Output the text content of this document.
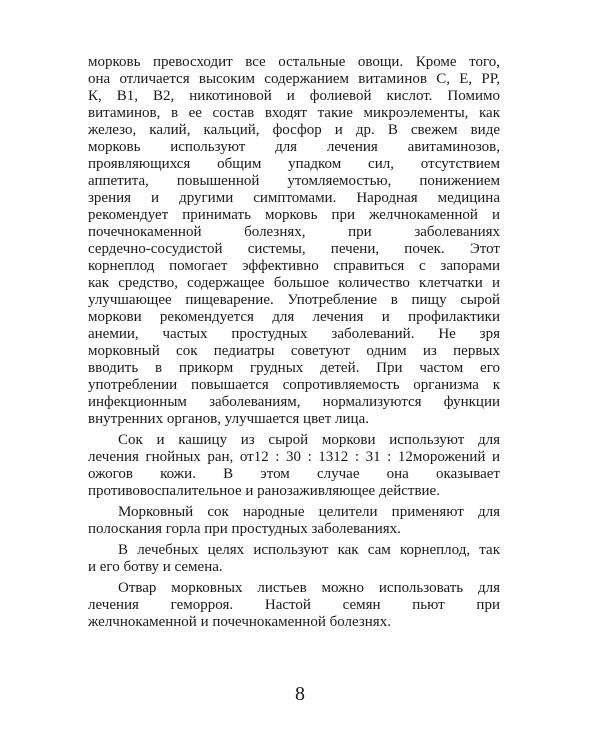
морковь превосходит все остальные овощи. Кроме того,
она отличается высоким содержанием витаминов С, Е, РР,
К, В1, В2, никотиновой и фолиевой кислот. Помимо
витаминов, в ее состав входят такие микроэлементы, как
железо, калий, кальций, фосфор и др. В свежем виде
морковь используют для лечения авитаминозов,
проявляющихся общим упадком сил, отсутствием
аппетита, повышенной утомляемостью, понижением
зрения и другими симптомами. Народная медицина
рекомендует принимать морковь при желчнокаменной и
почечнокаменной болезнях, при заболеваниях
сердечно-сосудистой системы, печени, почек. Этот
корнеплод помогает эффективно справиться с запорами
как средство, содержащее большое количество клетчатки и
улучшающее пищеварение. Употребление в пищу сырой
моркови рекомендуется для лечения и профилактики
анемии, частых простудных заболеваний. Не зря
морковный сок педиатры советуют одним из первых
вводить в прикорм грудных детей. При частом его
употреблении повышается сопротивляемость организма к
инфекционным заболеваниям, нормализуются функции
внутренних органов, улучшается цвет лица.
Сок и кашицу из сырой моркови используют для
лечения гнойных ран, от12 : 30 : 1312 : 31 : 12морожений и
ожогов кожи. В этом случае она оказывает
противовоспалительное и ранозаживляющее действие.
Морковный сок народные целители применяют для
полоскания горла при простудных заболеваниях.
В лечебных целях используют как сам корнеплод, так
и его ботву и семена.
Отвар морковных листьев можно использовать для
лечения геморроя. Настой семян пьют при
желчнокаменной и почечнокаменной болезнях.
8
